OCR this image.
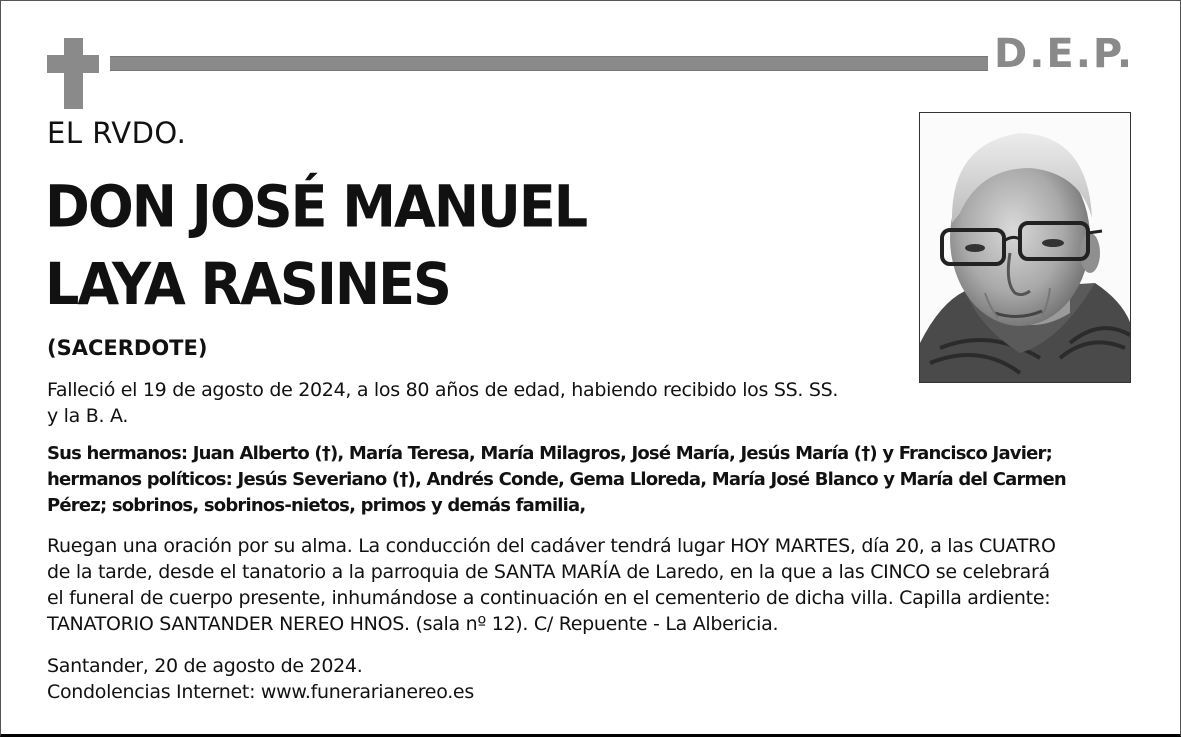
D.E.P.
EL RVDO.
DON JOSÉ MANUEL
LAYA RASINES
(SACERDOTE)
Falleció el 19 de agosto de 2024, a los 80 años de edad, habiendo recibido los SS. SS.
y la B. A.
Sus hermanos: Juan Alberto (†), María Teresa, María Milagros, José María, Jesús María (†) y Francisco Javier;
hermanos políticos: Jesús Severiano (†), Andrés Conde, Gema Lloreda, María José Blanco y María del Carmen
Pérez; sobrinos, sobrinos-nietos, primos y demás familia,
Ruegan una oración por su alma. La conducción del cadáver tendrá lugar HOY MARTES, día 20, a las CUATRO
de la tarde, desde el tanatorio a la parroquia de SANTA MARÍA de Laredo, en la que a las CINCO se celebrará
el funeral de cuerpo presente, inhumándose a continuación en el cementerio de dicha villa. Capilla ardiente:
TANATORIO SANTANDER NEREO HNOS. (sala nº 12). C/ Repuente - La Albericia.
Santander, 20 de agosto de 2024.
Condolencias Internet: www.funerarianereo.es
